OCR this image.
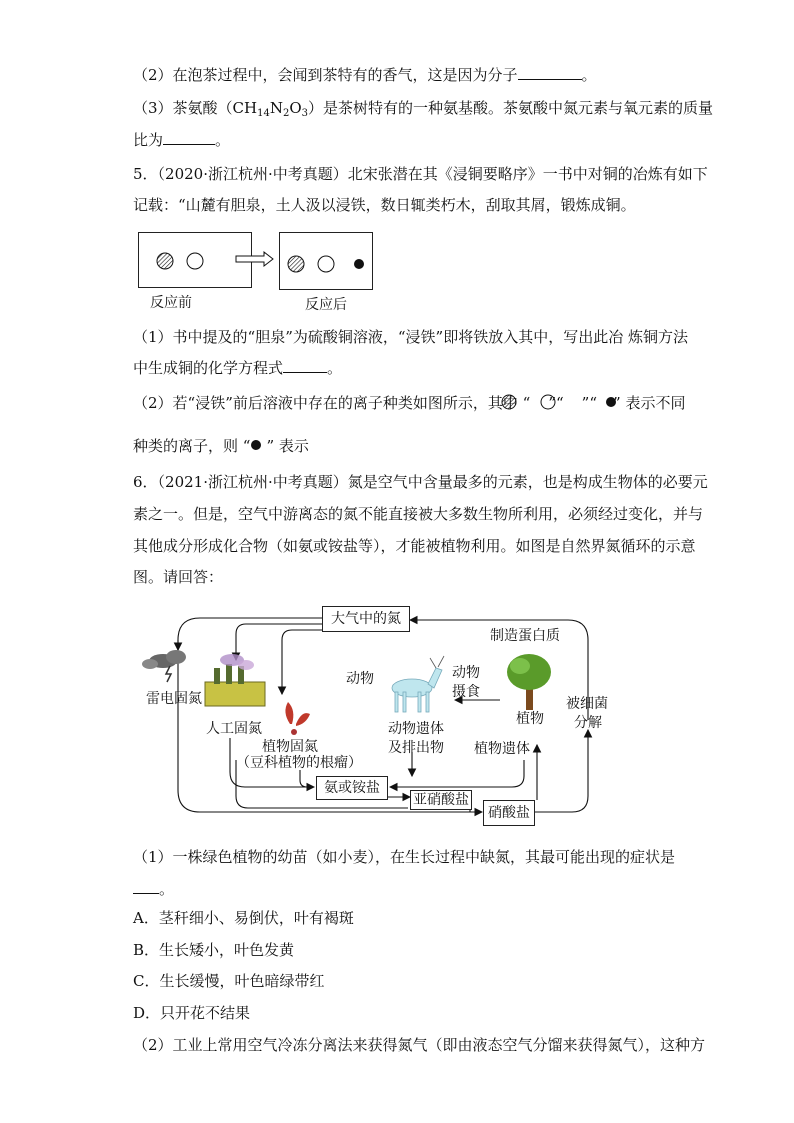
（2）在泡茶过程中，会闻到茶特有的香气，这是因为分子	。
（3）茶氨酸$(CH_{14}N_2O_3)$是茶树特有的一种氨基酸。茶氨酸中氮元素与氧元素的质量
比为	。
5．（2020·浙江杭州·中考真题）北宋张潜在其《浸铜要略序》一书中对铜的冶炼有如下
记载：“山麓有胆泉，土人汲以浸铁，数日辄类朽木，刮取其屑，锻炼成铜。
反应前	反应后
（1）书中提及的“胆泉”为硫酸铜溶液，“浸铁”即将铁放入其中，写出此冶 炼铜方法
中生成铜的化学方程式	。
（2）若“浸铁”前后溶液中存在的离子种类如图所示，其中 “ ”“ ”“ ” 表示不同
种类的离子，则 “ ” 表示
6．（2021·浙江杭州·中考真题）氮是空气中含量最多的元素，也是构成生物体的必要元
素之一。但是，空气中游离态的氮不能直接被大多数生物所利用，必须经过变化，并与
其他成分形成化合物（如氨或铵盐等），才能被植物利用。如图是自然界氮循环的示意
图。请回答：
大气中的氮
氨或铵盐
亚硝酸盐
硝酸盐
制造蛋白质
动物	动物
摄食
雷电固氮
人工固氮
植物固氮
（豆科植物的根瘤）
动物遗体
及排出物
植物
植物遗体
被细菌
分解
（1）一株绿色植物的幼苗（如小麦），在生长过程中缺氮，其最可能出现的症状是
。
A．茎秆细小、易倒伏，叶有褐斑
B．生长矮小，叶色发黄
C．生长缓慢，叶色暗绿带红
D．只开花不结果
（2）工业上常用空气冷冻分离法来获得氮气（即由液态空气分馏来获得氮气），这种方
